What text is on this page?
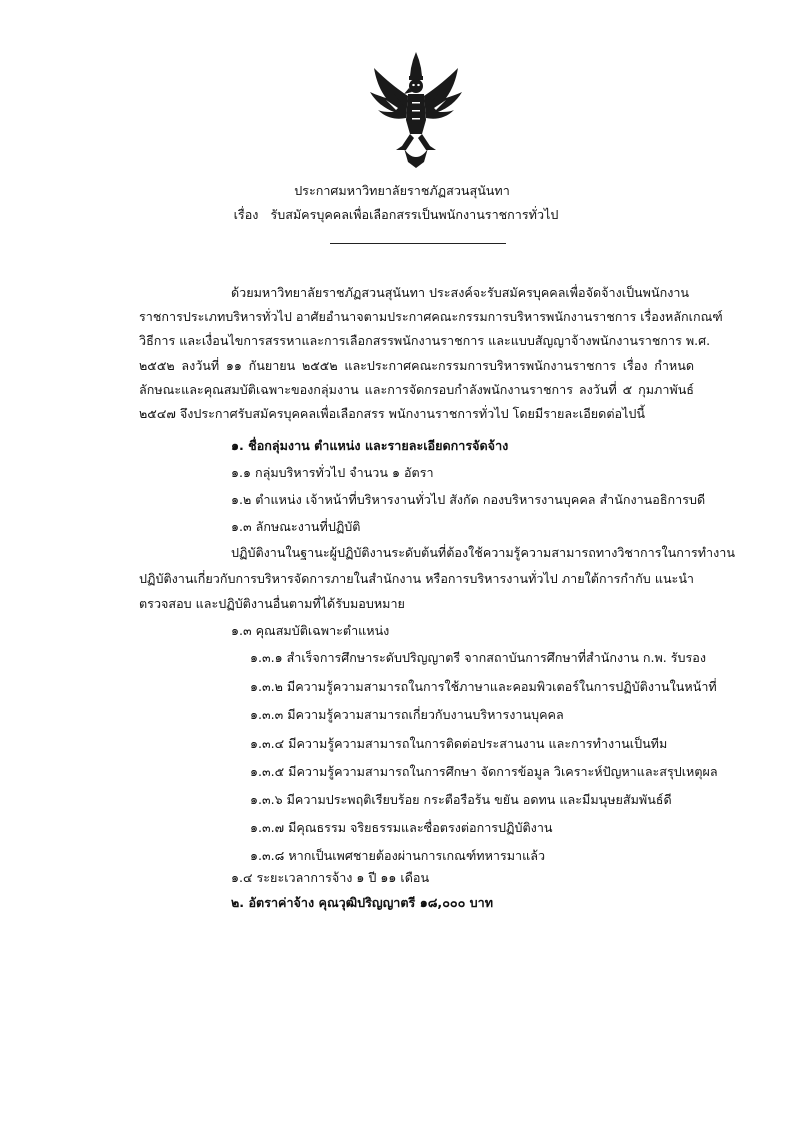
ประกาศมหาวิทยาลัยราชภัฏสวนสุนันทา
เรื่อง รับสมัครบุคคลเพื่อเลือกสรรเป็นพนักงานราชการทั่วไป
ด้วยมหาวิทยาลัยราชภัฏสวนสุนันทา ประสงค์จะรับสมัครบุคคลเพื่อจัดจ้างเป็นพนักงาน
ราชการประเภทบริหารทั่วไป อาศัยอำนาจตามประกาศคณะกรรมการบริหารพนักงานราชการ เรื่องหลักเกณฑ์
วิธีการ และเงื่อนไขการสรรหาและการเลือกสรรพนักงานราชการ และแบบสัญญาจ้างพนักงานราชการ พ.ศ.
๒๕๕๒ ลงวันที่ ๑๑ กันยายน ๒๕๕๒ และประกาศคณะกรรมการบริหารพนักงานราชการ เรื่อง กำหนด
ลักษณะและคุณสมบัติเฉพาะของกลุ่มงาน และการจัดกรอบกำลังพนักงานราชการ ลงวันที่ ๕ กุมภาพันธ์
๒๕๔๗ จึงประกาศรับสมัครบุคคลเพื่อเลือกสรร พนักงานราชการทั่วไป โดยมีรายละเอียดต่อไปนี้
๑. ชื่อกลุ่มงาน ตำแหน่ง และรายละเอียดการจัดจ้าง
๑.๑ กลุ่มบริหารทั่วไป จำนวน ๑ อัตรา
๑.๒ ตำแหน่ง เจ้าหน้าที่บริหารงานทั่วไป สังกัด กองบริหารงานบุคคล สำนักงานอธิการบดี
๑.๓ ลักษณะงานที่ปฏิบัติ
ปฏิบัติงานในฐานะผู้ปฏิบัติงานระดับต้นที่ต้องใช้ความรู้ความสามารถทางวิชาการในการทำงาน
ปฏิบัติงานเกี่ยวกับการบริหารจัดการภายในสำนักงาน หรือการบริหารงานทั่วไป ภายใต้การกำกับ แนะนำ
ตรวจสอบ และปฏิบัติงานอื่นตามที่ได้รับมอบหมาย
๑.๓ คุณสมบัติเฉพาะตำแหน่ง
๑.๓.๑ สำเร็จการศึกษาระดับปริญญาตรี จากสถาบันการศึกษาที่สำนักงาน ก.พ. รับรอง
๑.๓.๒ มีความรู้ความสามารถในการใช้ภาษาและคอมพิวเตอร์ในการปฏิบัติงานในหน้าที่
๑.๓.๓ มีความรู้ความสามารถเกี่ยวกับงานบริหารงานบุคคล
๑.๓.๔ มีความรู้ความสามารถในการติดต่อประสานงาน และการทำงานเป็นทีม
๑.๓.๕ มีความรู้ความสามารถในการศึกษา จัดการข้อมูล วิเคราะห์ปัญหาและสรุปเหตุผล
๑.๓.๖ มีความประพฤติเรียบร้อย กระตือรือร้น ขยัน อดทน และมีมนุษยสัมพันธ์ดี
๑.๓.๗ มีคุณธรรม จริยธรรมและซื่อตรงต่อการปฏิบัติงาน
๑.๓.๘ หากเป็นเพศชายต้องผ่านการเกณฑ์ทหารมาแล้ว
๑.๔ ระยะเวลาการจ้าง ๑ ปี ๑๑ เดือน
๒. อัตราค่าจ้าง คุณวุฒิปริญญาตรี ๑๘,๐๐๐ บาท
